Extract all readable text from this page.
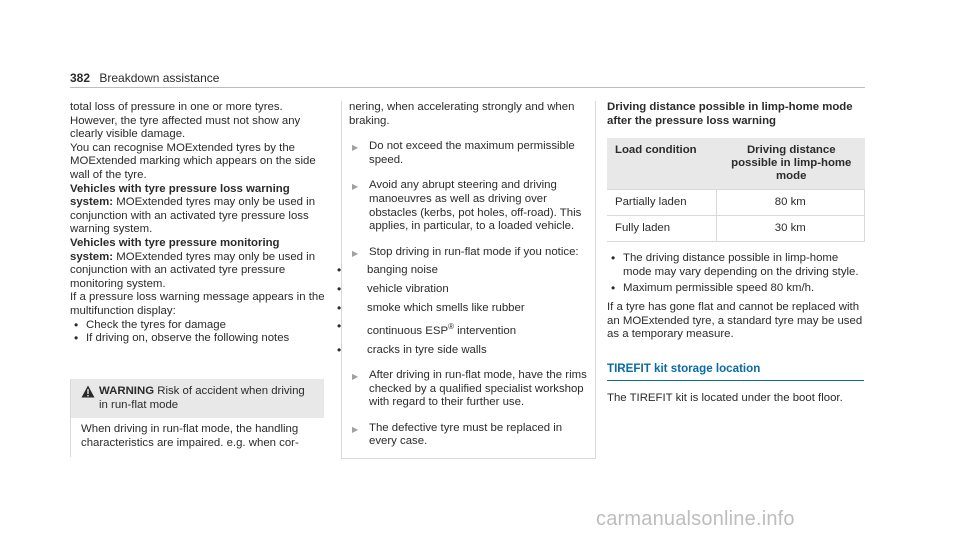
382 Breakdown assistance

total loss of pressure in one or more tyres. However, the tyre affected must not show any clearly visible damage.

You can recognise MOExtended tyres by the MOExtended marking which appears on the side wall of the tyre.

Vehicles with tyre pressure loss warning system: MOExtended tyres may only be used in conjunction with an activated tyre pressure loss warning system.

Vehicles with tyre pressure monitoring system: MOExtended tyres may only be used in conjunction with an activated tyre pressure monitoring system.

If a pressure loss warning message appears in the multifunction display:

• Check the tyres for damage
• If driving on, observe the following notes
WARNING Risk of accident when driving in run-flat mode
When driving in run-flat mode, the handling characteristics are impaired. e.g. when cor-

nering, when accelerating strongly and when braking.

▶ Do not exceed the maximum permissible speed.
▶ Avoid any abrupt steering and driving manoeuvres as well as driving over obstacles (kerbs, pot holes, off-road). This applies, in particular, to a loaded vehicle.
▶ Stop driving in run-flat mode if you notice:
• banging noise
• vehicle vibration
• smoke which smells like rubber
• continuous ESP® intervention
• cracks in tyre side walls
▶ After driving in run-flat mode, have the rims checked by a qualified specialist workshop with regard to their further use.
▶ The defective tyre must be replaced in every case.

Driving distance possible in limp-home mode after the pressure loss warning

Load condition	Driving distance possible in limp-home mode
Partially laden	80 km
Fully laden	30 km
• The driving distance possible in limp-home mode may vary depending on the driving style.
• Maximum permissible speed 80 km/h.

If a tyre has gone flat and cannot be replaced with an MOExtended tyre, a standard tyre may be used as a temporary measure.

TIREFIT kit storage location

The TIREFIT kit is located under the boot floor.

carmanualsonline.info
